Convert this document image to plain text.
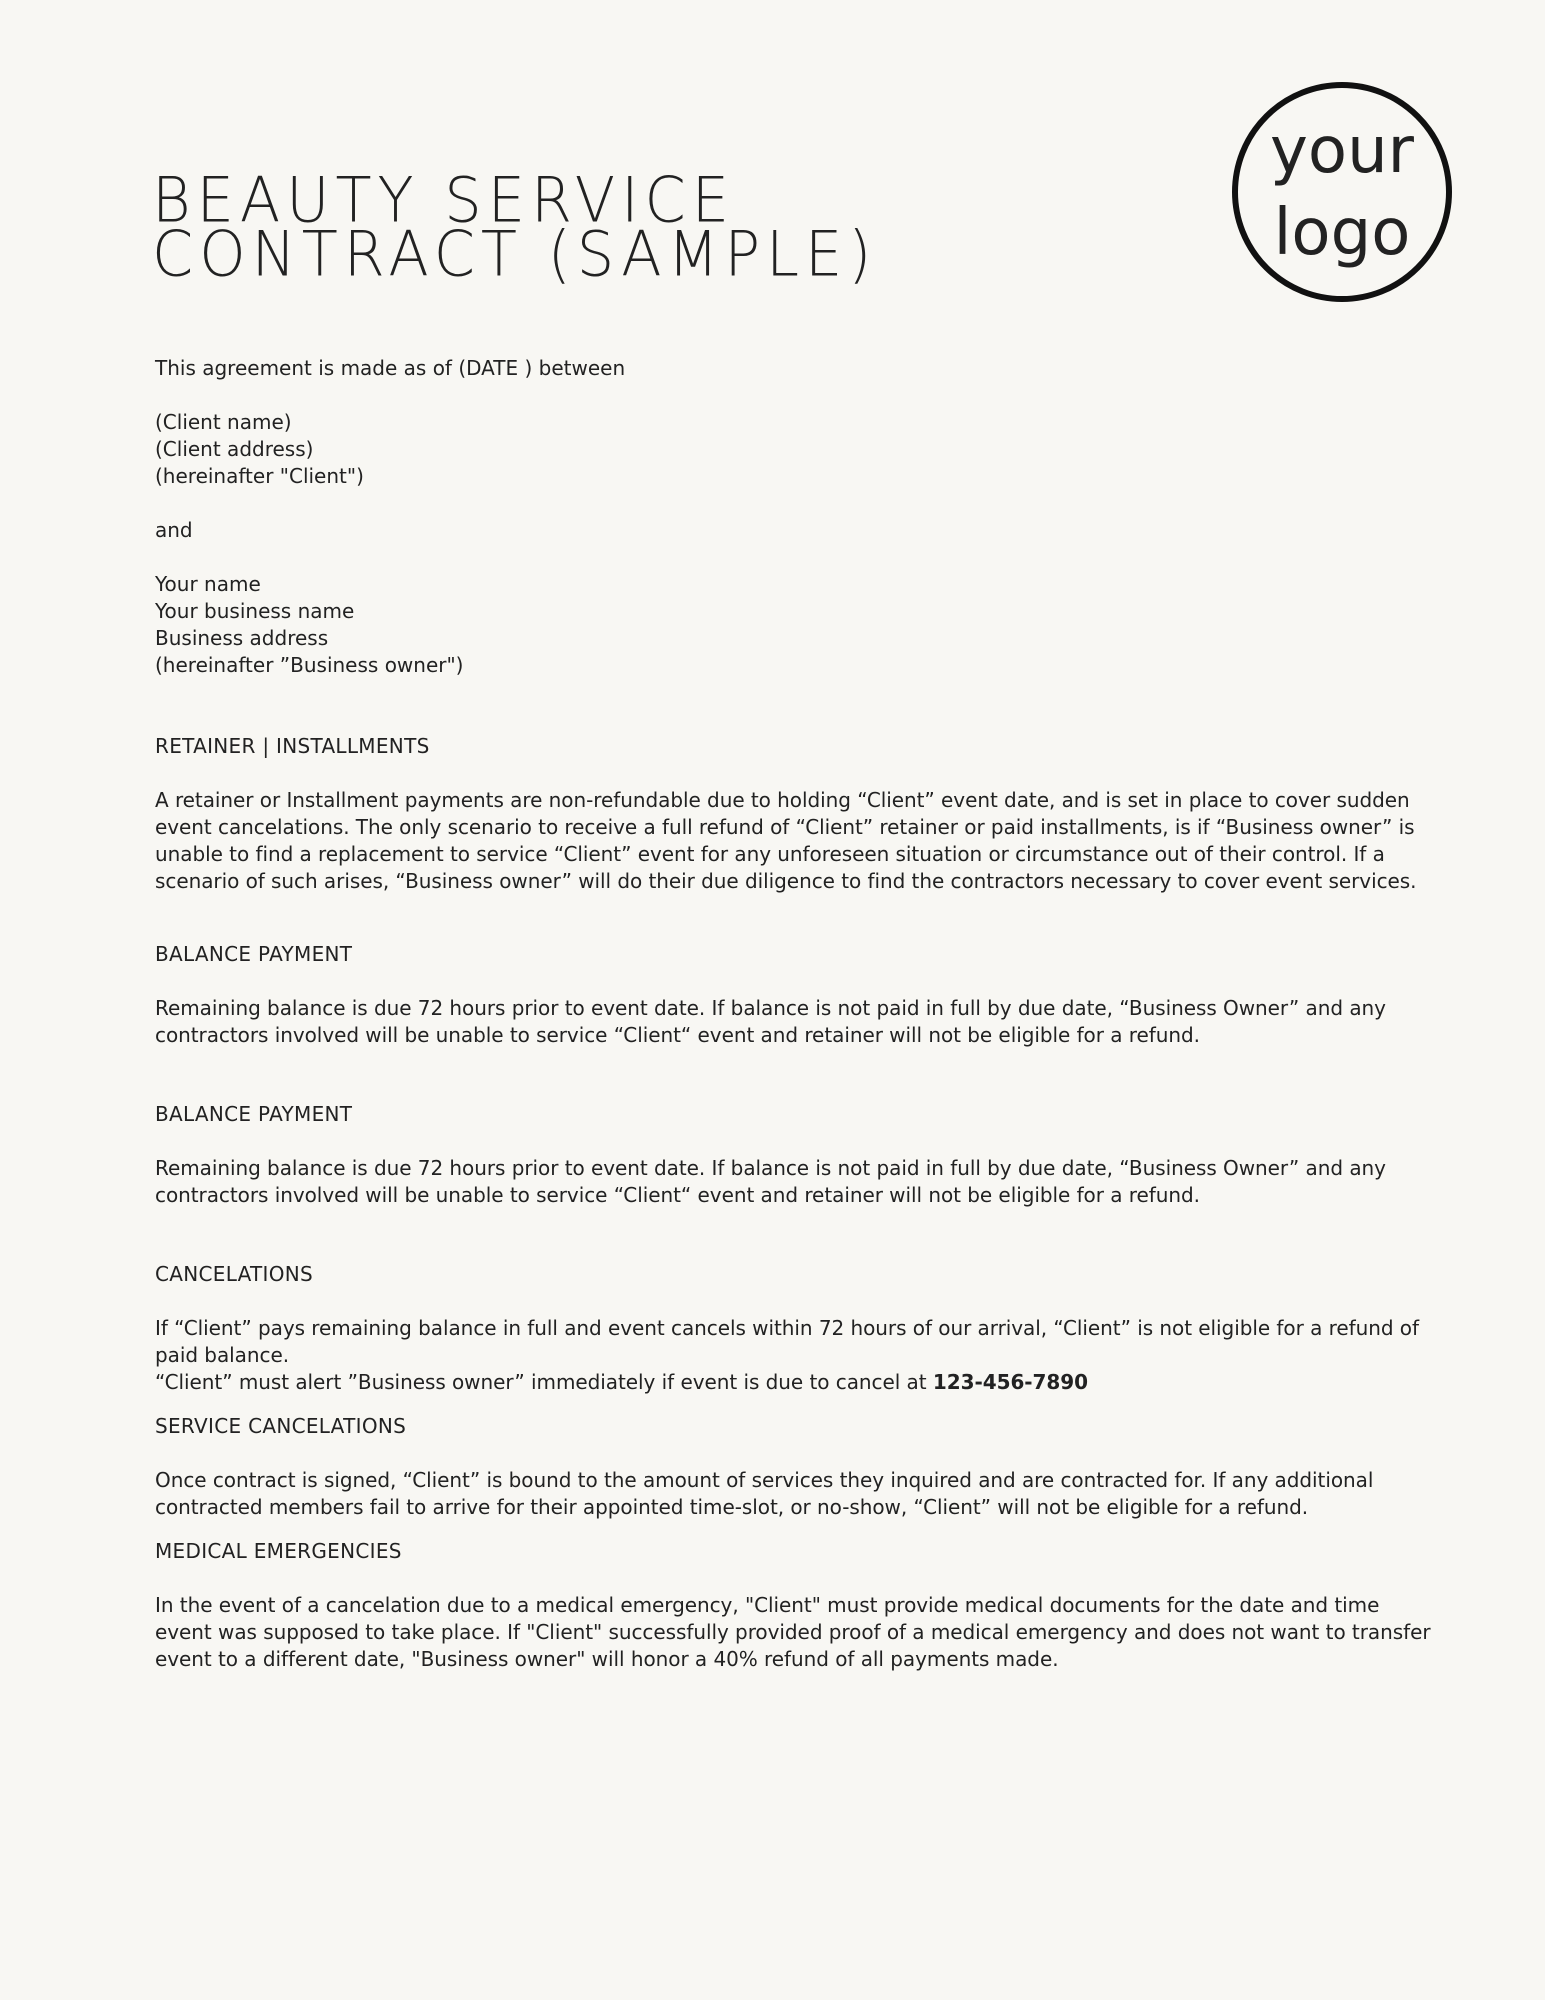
BEAUTY SERVICE
CONTRACT (SAMPLE)
your
logo

This agreement is made as of (DATE ) between

(Client name)
(Client address)
(hereinafter "Client")
and
Your name
Your business name
Business address
(hereinafter ”Business owner")
RETAINER | INSTALLMENTS
A retainer or Installment payments are non-refundable due to holding “Client” event date, and is set in place to cover sudden event cancelations. The only scenario to receive a full refund of “Client” retainer or paid installments, is if “Business owner” is unable to find a replacement to service “Client” event for any unforeseen situation or circumstance out of their control. If a scenario of such arises, “Business owner” will do their due diligence to find the contractors necessary to cover event services.
BALANCE PAYMENT
Remaining balance is due 72 hours prior to event date. If balance is not paid in full by due date, “Business Owner” and any contractors involved will be unable to service “Client“ event and retainer will not be eligible for a refund.
BALANCE PAYMENT
Remaining balance is due 72 hours prior to event date. If balance is not paid in full by due date, “Business Owner” and any contractors involved will be unable to service “Client“ event and retainer will not be eligible for a refund.
CANCELATIONS
If “Client” pays remaining balance in full and event cancels within 72 hours of our arrival, “Client” is not eligible for a refund of paid balance.
“Client” must alert ”Business owner” immediately if event is due to cancel at 123-456-7890
SERVICE CANCELATIONS
Once contract is signed, “Client” is bound to the amount of services they inquired and are contracted for. If any additional contracted members fail to arrive for their appointed time-slot, or no-show, “Client” will not be eligible for a refund.
MEDICAL EMERGENCIES
In the event of a cancelation due to a medical emergency, "Client" must provide medical documents for the date and time event was supposed to take place. If "Client" successfully provided proof of a medical emergency and does not want to transfer event to a different date, "Business owner" will honor a 40% refund of all payments made.
